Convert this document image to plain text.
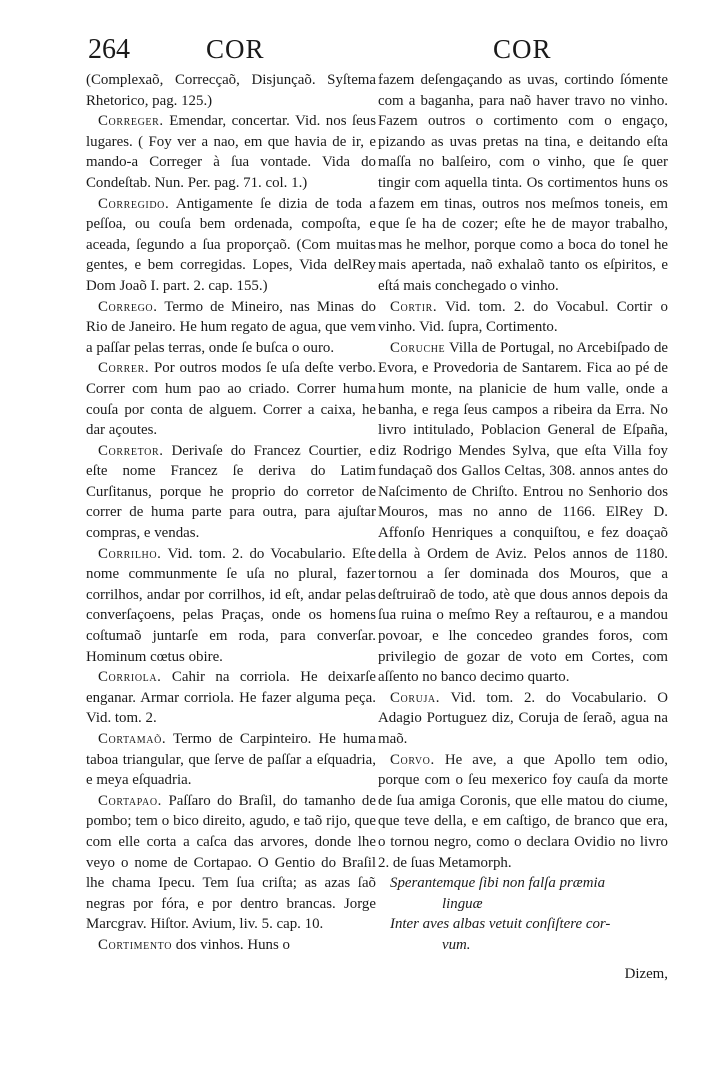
264	COR	COR

(Complexaõ, Correcçaõ, Disjunçaõ. Syſtema Rhetorico, pag. 125.)

Correger. Emendar, concertar. Vid. nos ſeus lugares. ( Foy ver a nao, em que havia de ir, e mando-a Correger à ſua vontade. Vida do Condeſtab. Nun. Per. pag. 71. col. 1.)

Corregido. Antigamente ſe dizia de toda a peſſoa, ou couſa bem ordenada, compoſta, e aceada, ſegundo a ſua proporçaõ. (Com muitas gentes, e bem corregidas. Lopes, Vida delRey Dom Joaõ I. part. 2. cap. 155.)

Corrego. Termo de Mineiro, nas Minas do Rio de Janeiro. He hum regato de agua, que vem a paſſar pelas terras, onde ſe buſca o ouro.

Correr. Por outros modos ſe uſa deſte verbo. Correr com hum pao ao criado. Correr huma couſa por conta de alguem. Correr a caixa, he dar açoutes.

Corretor. Derivaſe do Francez Courtier, e eſte nome Francez ſe deriva do Latim Curſitanus, porque he proprio do corretor de correr de huma parte para outra, para ajuſtar compras, e vendas.

Corrilho. Vid. tom. 2. do Vocabulario. Eſte nome communmente ſe uſa no plural, fazer corrilhos, andar por corrilhos, id eſt, andar pelas converſaçoens, pelas Praças, onde os homens coſtumaõ juntarſe em roda, para converſar. Hominum cœtus obire.

Corriola. Cahir na corriola. He deixarſe enganar. Armar corriola. He fazer alguma peça. Vid. tom. 2.

Cortamaõ. Termo de Carpinteiro. He huma taboa triangular, que ſerve de paſſar a eſquadria, e meya eſquadria.

Cortapao. Paſſaro do Braſil, do tamanho de pombo; tem o bico direito, agudo, e taõ rijo, que com elle corta a caſca das arvores, donde lhe veyo o nome de Cortapao. O Gentio do Braſil lhe chama Ipecu. Tem ſua criſta; as azas ſaõ negras por fóra, e por dentro brancas. Jorge Marcgrav. Hiſtor. Avium, liv. 5. cap. 10.

Cortimento dos vinhos. Huns o

fazem deſengaçando as uvas, cortindo ſómente com a baganha, para naõ haver travo no vinho. Fazem outros o cortimento com o engaço, pizando as uvas pretas na tina, e deitando eſta maſſa no balſeiro, com o vinho, que ſe quer tingir com aquella tinta. Os cortimentos huns os fazem em tinas, outros nos meſmos toneis, em que ſe ha de cozer; eſte he de mayor trabalho, mas he melhor, porque como a boca do tonel he mais apertada, naõ exhalaõ tanto os eſpiritos, e eſtá mais conchegado o vinho.

Cortir. Vid. tom. 2. do Vocabul. Cortir o vinho. Vid. ſupra, Cortimento.

Coruche Villa de Portugal, no Arcebiſpado de Evora, e Provedoria de Santarem. Fica ao pé de hum monte, na planicie de hum valle, onde a banha, e rega ſeus campos a ribeira da Erra. No livro intitulado, Poblacion General de Eſpaña, diz Rodrigo Mendes Sylva, que eſta Villa foy fundaçaõ dos Gallos Celtas, 308. annos antes do Naſcimento de Chriſto. Entrou no Senhorio dos Mouros, mas no anno de 1166. ElRey D. Affonſo Henriques a conquiſtou, e fez doaçaõ della à Ordem de Aviz. Pelos annos de 1180. tornou a ſer dominada dos Mouros, que a deſtruiraõ de todo, atè que dous annos depois da ſua ruina o meſmo Rey a reſtaurou, e a mandou povoar, e lhe concedeo grandes foros, com privilegio de gozar de voto em Cortes, com aſſento no banco decimo quarto.

Coruja. Vid. tom. 2. do Vocabulario. O Adagio Portuguez diz, Coruja de ſeraõ, agua na maõ.

Corvo. He ave, a que Apollo tem odio, porque com o ſeu mexerico foy cauſa da morte de ſua amiga Coronis, que elle matou do ciume, que teve della, e em caſtigo, de branco que era, o tornou negro, como o declara Ovidio no livro 2. de ſuas Metamorph.

Sperantemque ſibi non falſa præmia

linguæ

Inter aves albas vetuit conſiſtere cor-

vum.

Dizem,
